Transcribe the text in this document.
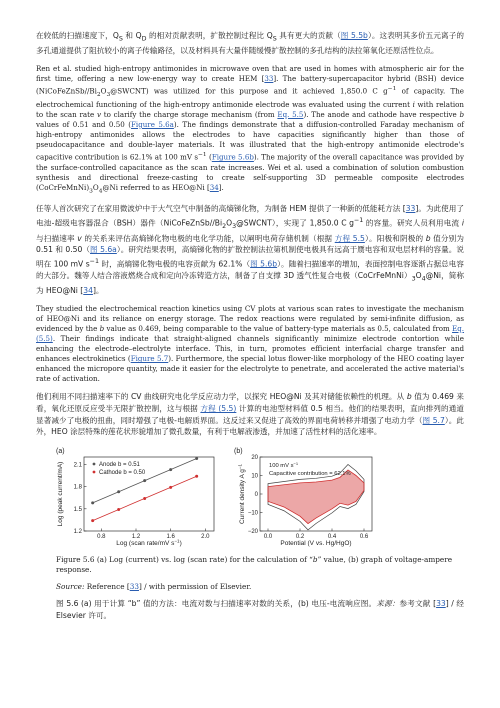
在较低的扫描速度下，$Q_S$ 和 $Q_D$ 的相对贡献表明，扩散控制过程比 $Q_S$ 具有更大的贡献（图 5.5b）。这表明其多价五元离子的多孔通道提供了阻抗较小的离子传输路径，以及材料具有大量伴随缓慢扩散控制的多孔结构的法拉第氧化还原活性位点。

Ren et al. studied high-entropy antimonides in microwave oven that are used in homes with atmospheric air for the first time, offering a new low-energy way to create HEM [33]. The battery-supercapacitor hybrid (BSH) device $(NiCoFeZnSb//Bi_2O_3@SWCNT)$ was utilized for this purpose and it achieved 1,850.0 C $g^{-1}$ of capacity. The electrochemical functioning of the high-entropy antimonide electrode was evaluated using the current i with relation to the scan rate v to clarify the charge storage mechanism (from Eq. 5.5). The anode and cathode have respective b values of 0.51 and 0.50 (Figure 5.6a). The findings demonstrate that a diffusion-controlled Faraday mechanism of high-entropy antimonides allows the electrodes to have capacities significantly higher than those of pseudocapacitance and double-layer materials. It was illustrated that the high-entropy antimonide electrode's capacitive contribution is 62.1% at 100 mV $s^{-1}$ (Figure 5.6b). The majority of the overall capacitance was provided by the surface-controlled capacitance as the scan rate increases. Wei et al. used a combination of solution combustion synthesis and directional freeze-casting to create self-supporting 3D permeable composite electrodes $(CoCrFeMnNi)_3O_4@Ni$ referred to as HEO@Ni [34].

任等人首次研究了在家用微波炉中于大气空气中制备的高熵锑化物，为制备 HEM 提供了一种新的低能耗方法 [33]。为此使用了电池-超级电容器混合（BSH）器件$(NiCoFeZnSb//Bi_2O_3@SWCNT)$，实现了 1,850.0 C $g^{-1}$ 的容量。研究人员利用电流 i 与扫描速率 v 的关系来评估高熵锑化物电极的电化学功能，以阐明电荷存储机制（根据 方程 5.5）。阳极和阴极的 b 值分别为 0.51 和 0.50（图 5.6a）。研究结果表明，高熵锑化物的扩散控制法拉第机制使电极具有远高于赝电容和双电层材料的容量。说明在 100 mV $s^{-1}$ 时，高熵锑化物电极的电容贡献为 62.1%（图 5.6b）。随着扫描速率的增加，表面控制电容逐渐占据总电容的大部分。魏等人结合溶液燃烧合成和定向冷冻铸造方法，制备了自支撑 3D 透气性复合电极$(CoCrFeMnNi)_3O_4@Ni$，简称为 HEO@Ni [34]。

They studied the electrochemical reaction kinetics using CV plots at various scan rates to investigate the mechanism of HEO@Ni and its reliance on energy storage. The redox reactions were regulated by semi-infinite diffusion, as evidenced by the b value as 0.469, being comparable to the value of battery-type materials as 0.5, calculated from Eq. (5.5). Their findings indicate that straight-aligned channels significantly minimize electrode contortion while enhancing the electrode–electrolyte interface. This, in turn, promotes efficient interfacial charge transfer and enhances electrokinetics (Figure 5.7). Furthermore, the special lotus flower-like morphology of the HEO coating layer enhanced the micropore quantity, made it easier for the electrolyte to penetrate, and accelerated the active material's rate of activation.

他们利用不同扫描速率下的 CV 曲线研究电化学反应动力学，以探究 HEO@Ni 及其对储能依赖性的机理。从 b 值为 0.469 来看，氧化还原反应受半无限扩散控制，这与根据 方程 (5.5) 计算的电池型材料值 0.5 相当。他们的结果表明，直向排列的通道显著减少了电极的扭曲，同时增强了电极-电解质界面。这反过来又促进了高效的界面电荷转移并增强了电动力学（图 5.7）。此外，HEO 涂层特殊的莲花状形貌增加了微孔数量，有利于电解液渗透，并加速了活性材料的活化速率。

(a)
0.8	1.2	1.6	2.0
1.2
1.5
1.8
2.1
Log (peak current/mA)
Log (scan rate/mV $s^{-1}$)
Anode b = 0.51
Cathode b = 0.50
(b)
0.0	0.2	0.4	0.6
−20
−10
0
10
20
Current density A $g^{-1}$
Potential (V vs. Hg/HgO)
100 mV $s^{-1}$
Capacitive contribution = 62.1%

Figure 5.6 (a) Log (current) vs. log (scan rate) for the calculation of “b” value, (b) graph of voltage-ampere response.

Source: Reference [33] / with permission of Elsevier.

图 5.6 (a) 用于计算 “b” 值的方法：电流对数与扫描速率对数的关系，(b) 电压-电流响应图。来源：参考文献 [33] / 经 Elsevier 许可。
